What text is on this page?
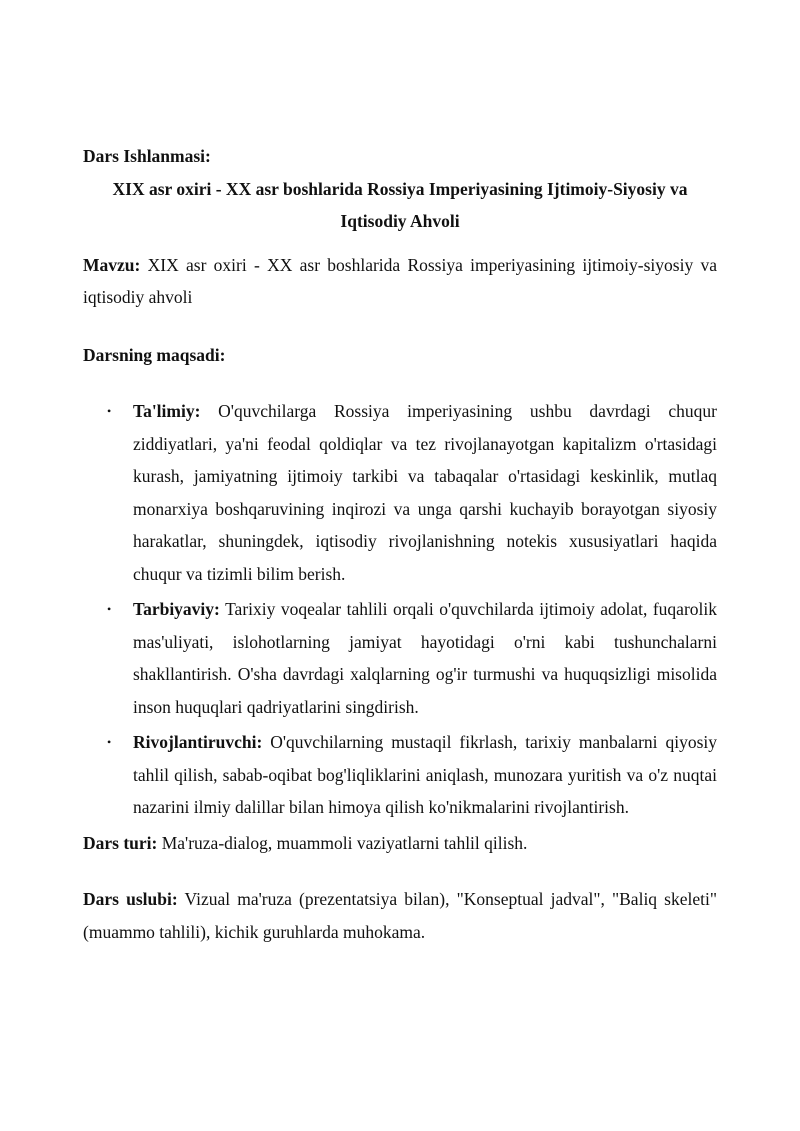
Dars Ishlanmasi:

XIX asr oxiri - XX asr boshlarida Rossiya Imperiyasining Ijtimoiy-Siyosiy va Iqtisodiy Ahvoli

Mavzu: XIX asr oxiri - XX asr boshlarida Rossiya imperiyasining ijtimoiy-siyosiy va iqtisodiy ahvoli

Darsning maqsadi:

• Ta'limiy: O'quvchilarga Rossiya imperiyasining ushbu davrdagi chuqur ziddiyatlari, ya'ni feodal qoldiqlar va tez rivojlanayotgan kapitalizm o'rtasidagi kurash, jamiyatning ijtimoiy tarkibi va tabaqalar o'rtasidagi keskinlik, mutlaq monarxiya boshqaruvining inqirozi va unga qarshi kuchayib borayotgan siyosiy harakatlar, shuningdek, iqtisodiy rivojlanishning notekis xususiyatlari haqida chuqur va tizimli bilim berish.
• Tarbiyaviy: Tarixiy voqealar tahlili orqali o'quvchilarda ijtimoiy adolat, fuqarolik mas'uliyati, islohotlarning jamiyat hayotidagi o'rni kabi tushunchalarni shakllantirish. O'sha davrdagi xalqlarning og'ir turmushi va huquqsizligi misolida inson huquqlari qadriyatlarini singdirish.
• Rivojlantiruvchi: O'quvchilarning mustaqil fikrlash, tarixiy manbalarni qiyosiy tahlil qilish, sabab-oqibat bog'liqliklarini aniqlash, munozara yuritish va o'z nuqtai nazarini ilmiy dalillar bilan himoya qilish ko'nikmalarini rivojlantirish.

Dars turi: Ma'ruza-dialog, muammoli vaziyatlarni tahlil qilish.

Dars uslubi: Vizual ma'ruza (prezentatsiya bilan), "Konseptual jadval", "Baliq skeleti" (muammo tahlili), kichik guruhlarda muhokama.
